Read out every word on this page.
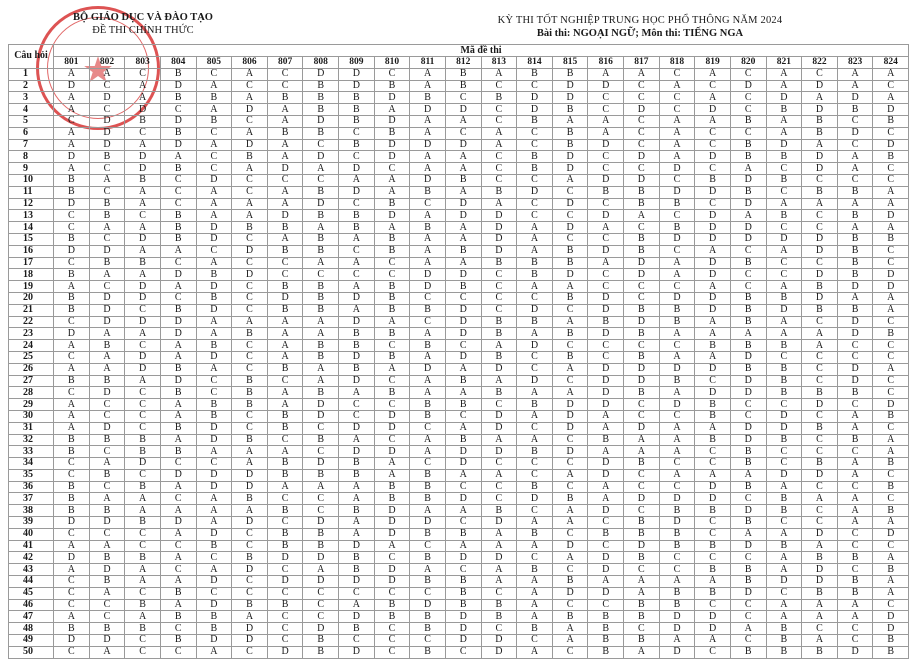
★
BỘ GIÁO DỤC VÀ ĐÀO TẠO
ĐỀ THI CHÍNH THỨC
KỲ THI TỐT NGHIỆP TRUNG HỌC PHỔ THÔNG NĂM 2024
Bài thi: NGOẠI NGỮ; Môn thi: TIẾNG NGA
Câu hỏi	Mã đề thi																							
	801	802	803	804	805	806	807	808	809	810	811	812	813	814	815	816	817	818	819	820	821	822	823	824
1	A	A	C	B	C	A	C	D	D	C	A	B	A	B	B	A	A	C	A	C	A	C	A	A
2	D	C	A	D	A	C	C	B	D	B	A	B	C	C	D	D	C	A	C	D	A	D	A	C
3	A	D	A	B	B	A	B	B	B	D	B	C	B	D	D	C	C	C	A	C	D	A	D	A
4	A	C	D	C	A	D	A	B	B	A	D	D	C	D	B	C	D	C	D	C	B	D	B	D
5	C	D	B	D	B	C	A	D	B	D	A	A	C	B	A	A	C	A	A	B	A	B	C	B
6	A	D	C	B	C	A	B	B	C	B	A	C	A	C	B	A	C	A	C	C	A	B	D	C
7	A	D	A	D	A	D	A	C	B	D	D	D	A	C	B	D	C	A	C	B	D	A	C	D
8	D	B	D	A	C	B	A	D	C	D	A	A	C	B	D	C	D	A	D	B	B	D	A	B
9	A	C	D	B	C	A	D	A	D	C	A	A	C	B	D	C	C	D	C	A	C	D	A	C
10	B	A	B	C	D	C	C	C	A	A	D	B	C	C	A	D	D	C	B	D	B	C	C	C
11	B	C	A	C	A	C	A	B	D	A	B	A	B	D	C	B	B	D	D	B	C	B	B	A
12	D	B	A	C	A	A	A	D	C	B	C	D	A	C	D	C	B	B	C	D	A	A	A	A
13	C	B	C	B	A	A	D	B	B	D	A	D	D	C	C	D	A	C	D	A	B	C	B	D
14	C	A	A	B	D	B	B	A	B	A	B	A	D	A	D	A	C	B	D	D	C	C	A	A
15	B	C	D	B	D	C	A	B	A	B	A	A	D	A	C	C	B	D	D	D	D	D	B	B
16	D	D	A	A	C	D	B	B	C	B	A	B	D	A	B	D	B	C	A	C	A	D	B	C
17	C	B	B	C	A	C	C	A	A	C	A	A	B	B	B	A	D	A	D	B	C	C	B	C
18	B	A	A	D	B	D	C	C	C	C	D	D	C	B	D	C	D	A	D	C	C	D	B	D
19	A	C	D	A	D	C	B	B	A	B	D	B	C	A	A	C	C	C	A	C	A	B	D	D
20	B	D	D	C	B	C	D	B	D	B	C	C	C	C	B	D	C	D	D	B	B	D	A	A
21	B	D	C	B	D	C	B	B	A	B	B	D	C	D	C	D	B	B	D	B	D	B	B	A
22	C	D	D	D	A	A	A	A	D	A	C	D	B	B	A	B	D	B	A	B	A	C	D	C
23	D	A	A	D	A	B	A	A	B	B	A	D	B	A	B	D	B	A	A	A	A	A	D	B
24	A	B	C	A	B	C	A	B	B	C	B	C	A	D	C	C	C	C	B	B	B	A	C	C
25	C	A	D	A	D	C	A	B	D	B	A	D	B	C	B	C	B	A	A	D	C	C	C	C
26	A	A	D	B	A	C	B	A	B	A	D	A	D	C	A	D	D	D	D	B	B	C	D	A
27	B	B	A	D	C	B	C	A	D	C	A	B	A	D	C	D	D	B	C	D	B	C	D	C
28	C	D	C	B	C	B	A	B	A	B	A	A	B	A	A	D	B	A	D	D	B	B	B	C
29	A	C	C	A	B	B	A	D	C	C	B	B	C	B	D	D	C	D	B	C	C	D	C	D
30	A	C	C	A	B	C	B	D	C	D	B	C	D	A	D	A	C	C	B	C	D	C	A	B
31	A	D	C	B	D	C	B	C	D	D	C	A	D	C	D	A	D	A	A	D	D	B	A	C
32	B	B	B	A	D	B	C	B	A	C	A	B	A	A	C	B	A	A	B	D	B	C	B	A
33	B	C	B	B	A	A	A	C	D	D	A	D	D	B	D	A	A	A	C	B	C	C	C	A
34	C	A	D	C	C	A	B	D	B	A	C	D	C	C	C	D	B	C	C	B	C	B	A	B
35	C	B	C	D	D	D	B	B	B	A	B	A	A	C	A	D	C	A	A	A	D	D	A	C
36	B	C	B	A	D	D	A	A	A	B	B	C	C	B	C	A	C	C	D	B	A	C	C	B
37	B	A	A	C	A	B	C	C	A	B	B	D	C	D	B	A	D	D	D	C	B	A	A	C
38	B	B	A	A	A	A	B	C	B	D	A	A	B	C	A	D	C	B	B	D	B	C	A	B
39	D	D	B	D	A	D	C	D	A	D	D	C	D	A	A	C	B	D	C	B	C	C	A	A
40	C	C	C	A	D	C	B	B	A	D	B	B	A	B	C	B	B	B	C	A	A	D	C	D
41	A	A	C	C	B	C	B	B	D	A	C	A	A	A	D	C	D	B	B	D	B	A	C	C
42	D	B	B	A	C	B	D	D	B	C	B	D	D	C	A	D	B	C	C	C	A	B	B	A
43	A	D	A	C	A	D	C	A	B	D	A	C	A	B	C	D	C	C	B	B	A	D	C	B
44	C	B	A	A	D	C	D	D	D	D	B	B	A	A	B	A	A	A	A	B	D	D	B	A
45	C	A	C	B	C	C	C	C	C	C	C	B	C	A	D	D	A	B	B	D	C	B	B	A
46	C	C	B	A	D	B	B	C	A	B	D	B	B	A	C	C	B	B	C	C	A	A	A	C
47	A	C	A	B	B	A	C	C	D	B	B	D	B	A	B	B	B	D	D	C	A	A	A	D
48	B	B	B	C	B	D	C	D	B	C	B	D	C	B	A	B	C	D	D	A	B	C	C	D
49	D	D	C	B	D	D	C	B	C	C	C	D	D	C	A	B	B	A	A	C	B	A	C	B
50	C	A	C	C	A	C	D	B	D	C	B	C	D	A	C	B	A	D	C	B	B	B	D	B
